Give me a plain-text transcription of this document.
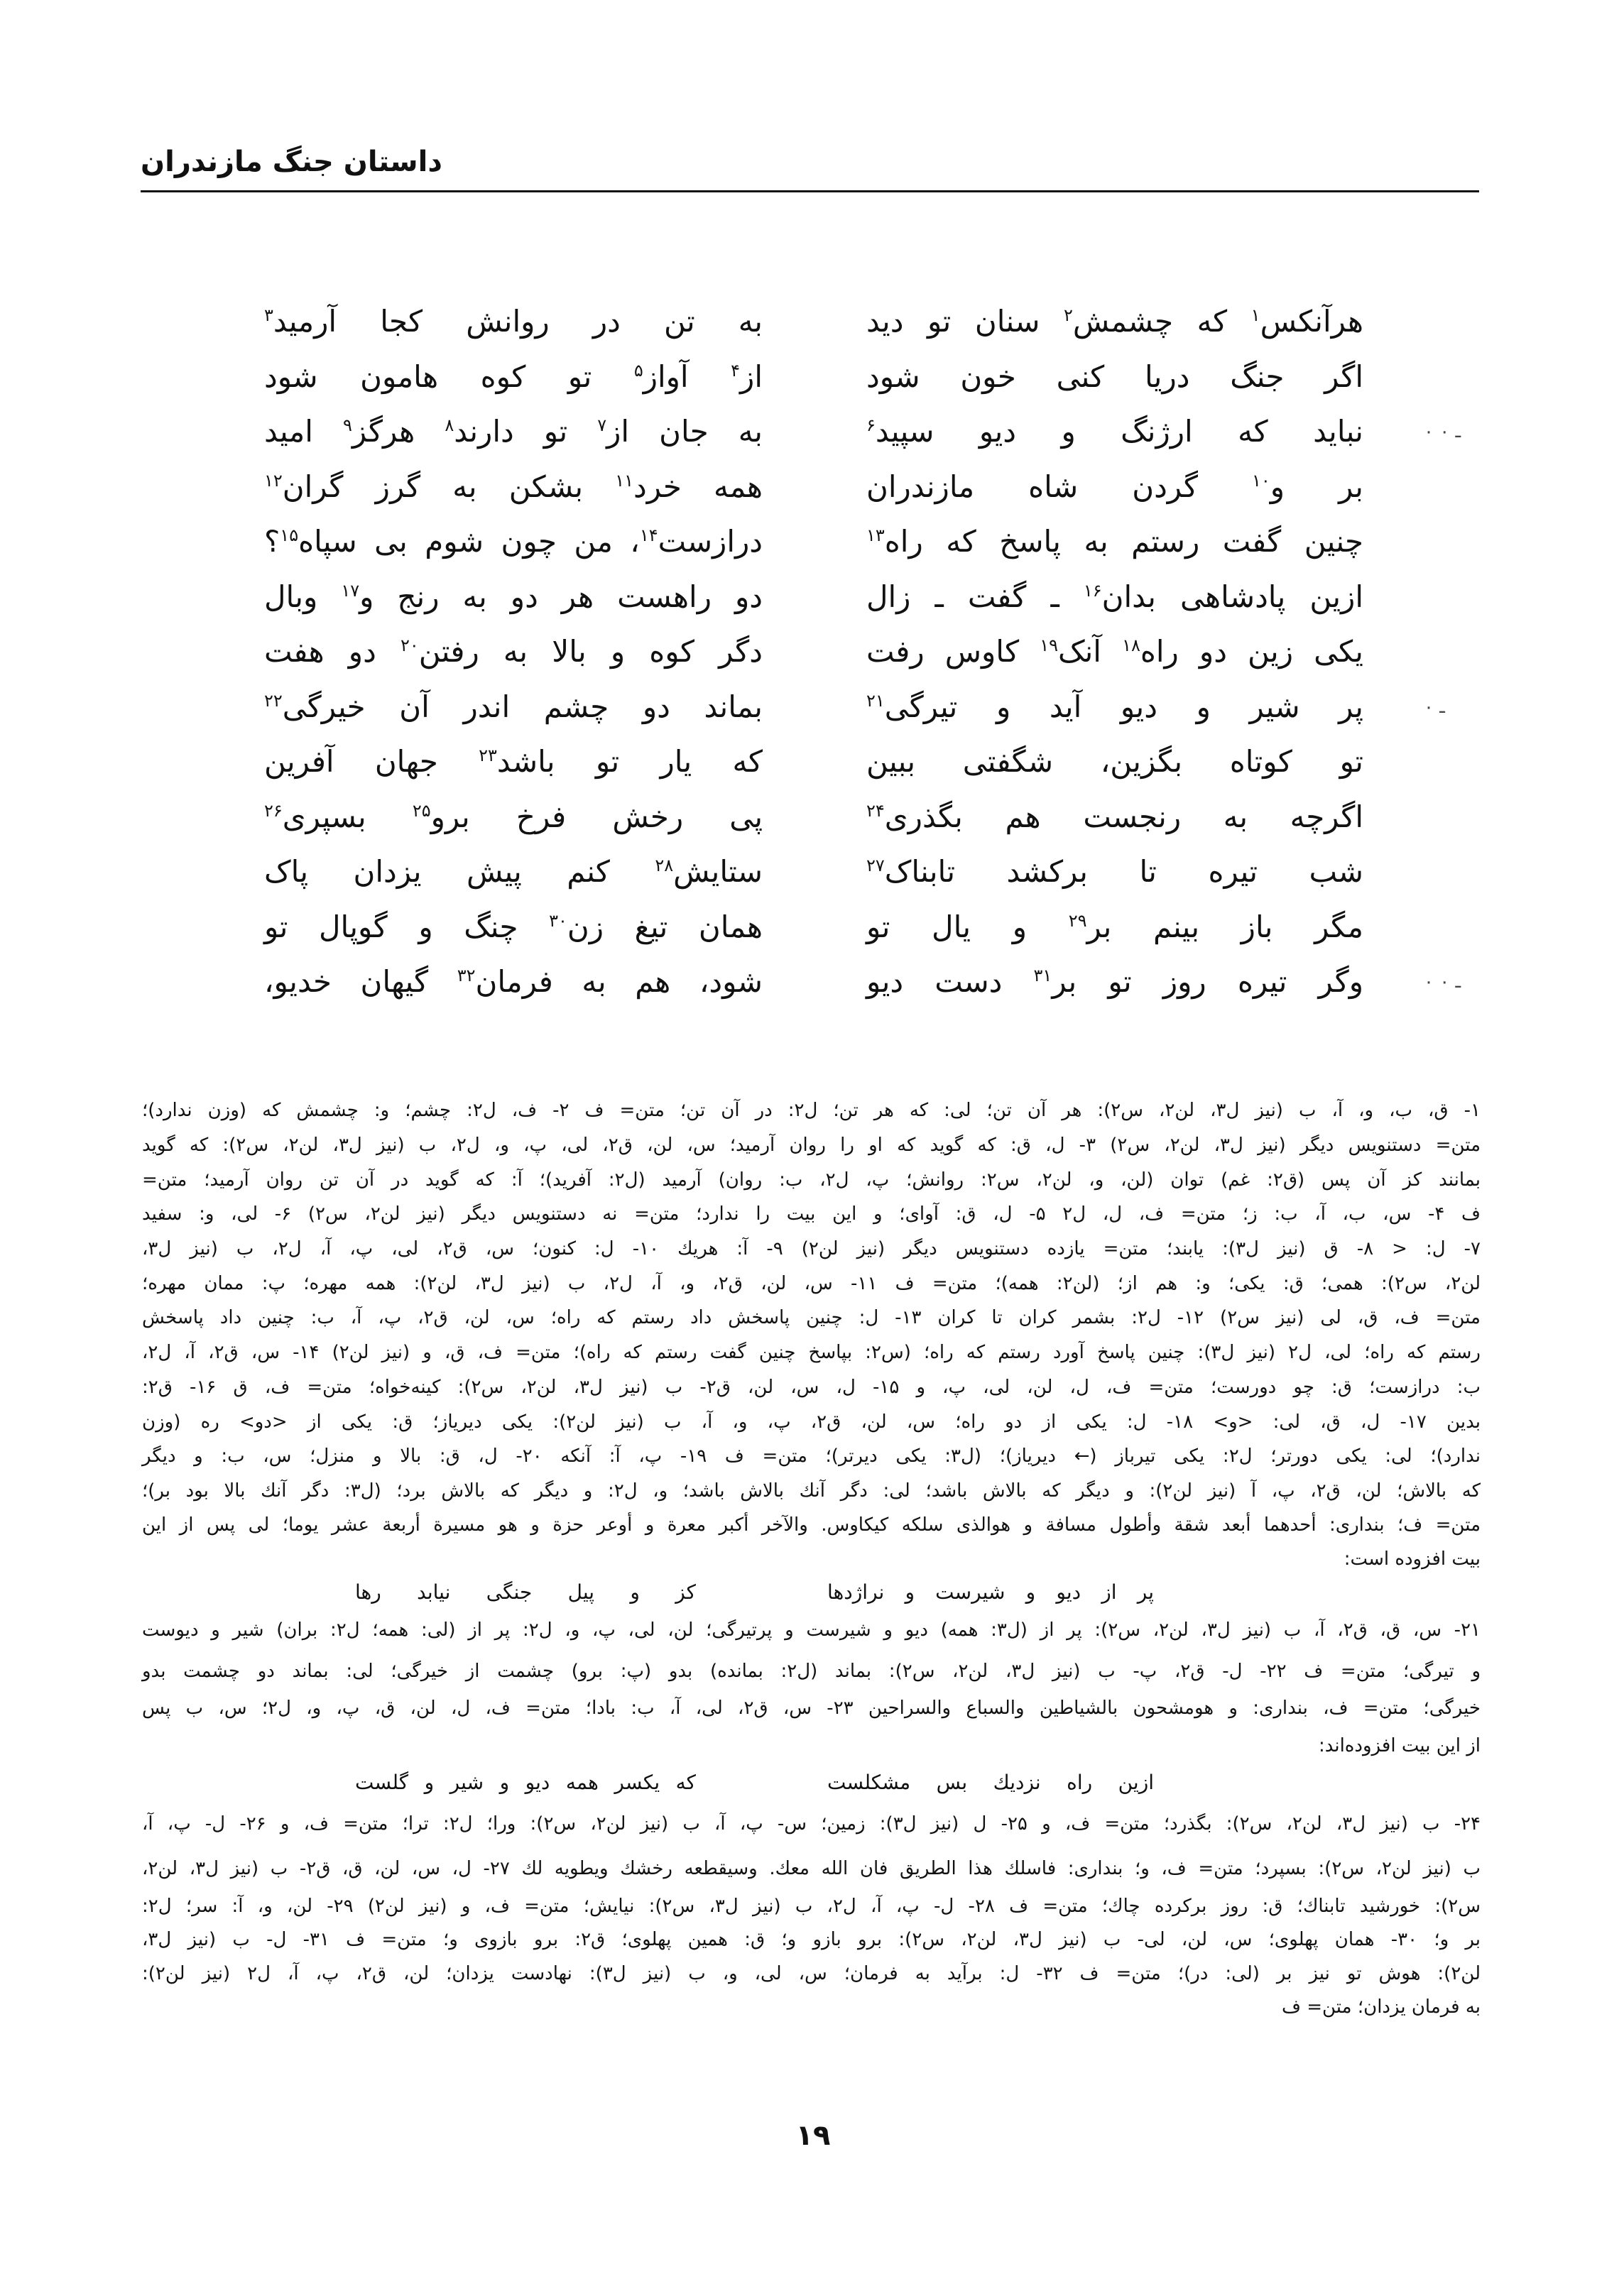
داستان جنگ مازندران
هرآنکس$^۱$ که چشمش$^۲$ سنان تو دید
به تن در روانش کجا آرمید$^۳$
اگر جنگ دریا کنی خون شود
از$^۴$ آواز$^۵$ تو کوه هامون شود
نباید که ارژنگ و دیو سپید$^۶$
به جان از$^۷$ تو دارند$^۸$ هرگز$^۹$ امید	ـ ۰ ۰
بر و$^{۱۰}$ گردن شاه مازندران
همه خرد$^{۱۱}$ بشکن به گرز گران$^{۱۲}$
چنین گفت رستم به پاسخ که راه$^{۱۳}$
درازست$^{۱۴}$، من چون شوم بی سپاه$^{۱۵}$؟
ازین پادشاهی بدان$^{۱۶}$ ـ گفت ـ زال
دو راهست هر دو به رنج و$^{۱۷}$ وبال
یکی زین دو راه$^{۱۸}$ آنک$^{۱۹}$ کاوس رفت
دگر کوه و بالا به رفتن$^{۲۰}$ دو هفت
پر شیر و دیو آید و تیرگی$^{۲۱}$
بماند دو چشم اندر آن خیرگی$^{۲۲}$	ـ ۰
تو کوتاه بگزین، شگفتی ببین
که یار تو باشد$^{۲۳}$ جهان آفرین
اگرچه به رنجست هم بگذری$^{۲۴}$
پی رخش فرخ برو$^{۲۵}$ بسپری$^{۲۶}$
شب تیره تا برکشد تابناک$^{۲۷}$
ستایش$^{۲۸}$ کنم پیش یزدان پاک
مگر باز بینم بر$^{۲۹}$ و یال تو
همان تیغ زن$^{۳۰}$ چنگ و گوپال تو
وگر تیره روز تو بر$^{۳۱}$ دست دیو
شود، هم به فرمان$^{۳۲}$ گیهان خدیو،	ـ ۰ ۰
۱- ق، ب، و، آ، ب (نیز ل۳، لن۲، س۲): هر آن تن؛ لی: که هر تن؛ ل۲: در آن تن؛ متن= ف ۲- ف، ل۲: چشم؛ و: چشمش که (وزن ندارد)؛
متن= دستنویس دیگر (نیز ل۳، لن۲، س۲) ۳- ل، ق: که گوید که او را روان آرمید؛ س، لن، ق۲، لی، پ، و، ل۲، ب (نیز ل۳، لن۲، س۲): که گوید
بمانند کز آن پس (ق۲: غم) توان (لن، و، لن۲، س۲: روانش؛ پ، ل۲، ب: روان) آرمید (ل۲: آفرید)؛ آ: که گوید در آن تن روان آرمید؛ متن=
ف ۴- س، ب، آ، ب: ز؛ متن= ف، ل، ل۲ ۵- ل، ق: آوای؛ و این بیت را ندارد؛ متن= نه دستنویس دیگر (نیز لن۲، س۲) ۶- لی، و: سفید
۷- ل: < ۸- ق (نیز ل۳): یابند؛ متن= یازده دستنویس دیگر (نیز لن۲) ۹- آ: هریك ۱۰- ل: کنون؛ س، ق۲، لی، پ، آ، ل۲، ب (نیز ل۳،
لن۲، س۲): همی؛ ق: یکی؛ و: هم از؛ (لن۲: همه)؛ متن= ف ۱۱- س، لن، ق۲، و، آ، ل۲، ب (نیز ل۳، لن۲): همه مهره؛ پ: ممان مهره؛
متن= ف، ق، لی (نیز س۲) ۱۲- ل۲: بشمر کران تا کران ۱۳- ل: چنین پاسخش داد رستم که راه؛ س، لن، ق۲، پ، آ، ب: چنین داد پاسخش
رستم که راه؛ لی، ل۲ (نیز ل۳): چنین پاسخ آورد رستم که راه؛ (س۲: بپاسخ چنین گفت رستم که راه)؛ متن= ف، ق، و (نیز لن۲) ۱۴- س، ق۲، آ، ل۲،
ب: درازست؛ ق: چو دورست؛ متن= ف، ل، لن، لی، پ، و ۱۵- ل، س، لن، ق۲- ب (نیز ل۳، لن۲، س۲): کینه‌خواه؛ متن= ف، ق ۱۶- ق۲:
بدین ۱۷- ل، ق، لی: <و> ۱۸- ل: یکی از دو راه؛ س، لن، ق۲، پ، و، آ، ب (نیز لن۲): یکی دیریاز؛ ق: یکی از <دو> ره (وزن
ندارد)؛ لی: یکی دورتر؛ ل۲: یکی تیرباز (← دیریاز)؛ (ل۳: یکی دیرتر)؛ متن= ف ۱۹- پ، آ: آنکه ۲۰- ل، ق: بالا و منزل؛ س، ب: و دیگر
که بالاش؛ لن، ق۲، پ، آ (نیز لن۲): و دیگر که بالاش باشد؛ لی: دگر آنك بالاش باشد؛ و، ل۲: و دیگر که بالاش برد؛ (ل۳: دگر آنك بالا بود بر)؛
متن= ف؛ بنداری: أحدهما أبعد شقة وأطول مسافة و هوالذی سلکه کیکاوس. والآخر أکبر معرة و أوعر حزة و هو مسیرة أربعة عشر یوما؛ لی پس از این
بیت افزوده است:
۲۱- س، ق، ق۲، آ، ب (نیز ل۳، لن۲، س۲): پر از (ل۳: همه) دیو و شیرست و پرتیرگی؛ لن، لی، پ، و، ل۲: پر از (لی: همه؛ ل۲: بران) شیر و دیوست
و تیرگی؛ متن= ف ۲۲- ل- ق۲، پ- ب (نیز ل۳، لن۲، س۲): بماند (ل۲: بمانده) بدو (پ: برو) چشمت از خیرگی؛ لی: بماند دو چشمت بدو
خیرگی؛ متن= ف، بنداری: و هومشحون بالشیاطین والسباع والسراحین ۲۳- س، ق۲، لی، آ، ب: بادا؛ متن= ف، ل، لن، ق، پ، و، ل۲؛ س، ب پس
از این بیت افزوده‌اند:
۲۴- ب (نیز ل۳، لن۲، س۲): بگذرد؛ متن= ف، و ۲۵- ل (نیز ل۳): زمین؛ س- پ، آ، ب (نیز لن۲، س۲): ورا؛ ل۲: ترا؛ متن= ف، و ۲۶- ل- پ، آ،
ب (نیز لن۲، س۲): بسپرد؛ متن= ف، و؛ بنداری: فاسلك هذا الطریق فان الله معك. وسیقطعه رخشك ویطویه لك ۲۷- ل، س، لن، ق، ق۲- ب (نیز ل۳، لن۲،
س۲): خورشید تابناك؛ ق: روز برکرده چاك؛ متن= ف ۲۸- ل- پ، آ، ل۲، ب (نیز ل۳، س۲): نیایش؛ متن= ف، و (نیز لن۲) ۲۹- لن، و، آ: سر؛ ل۲:
بر و؛ ۳۰- همان پهلوی؛ س، لن، لی- ب (نیز ل۳، لن۲، س۲): برو بازو و؛ ق: همین پهلوی؛ ق۲: برو بازوی و؛ متن= ف ۳۱- ل- ب (نیز ل۳،
لن۲): هوش تو نیز بر (لی: در)؛ متن= ف ۳۲- ل: برآید به فرمان؛ س، لی، و، ب (نیز ل۳): نهادست یزدان؛ لن، ق۲، پ، آ، ل۲ (نیز لن۲):
به فرمان یزدان؛ متن= ف
پر از دیو و شیرست و نراژدها
کز و پیل جنگی نیابد رها
ازین راه نزدیك بس مشکلست
که یکسر همه دیو و شیر و گلست
۱۹
